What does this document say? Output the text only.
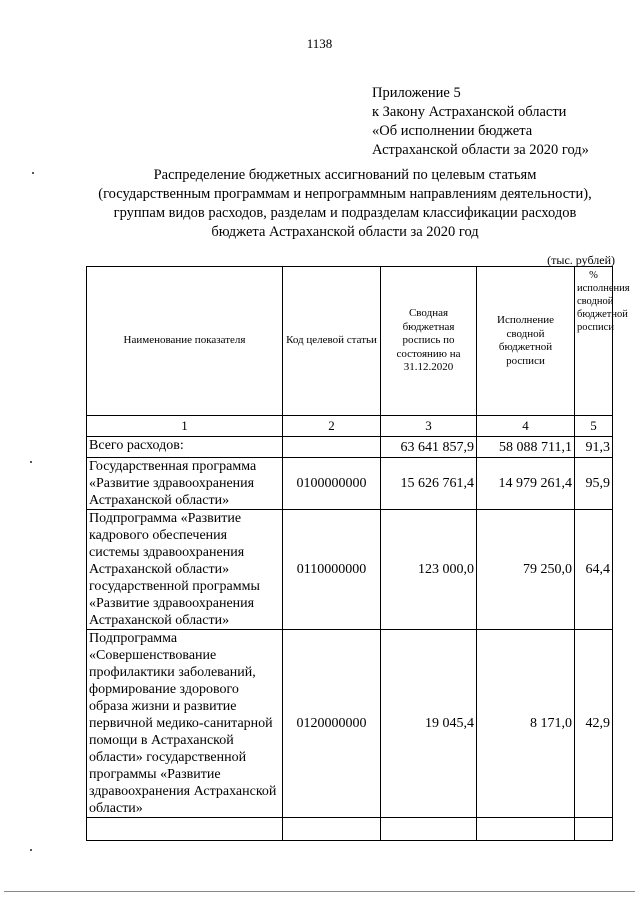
1138
Приложение 5
к Закону Астраханской области
«Об исполнении бюджета
Астраханской области за 2020 год»
Распределение бюджетных ассигнований по целевым статьям
(государственным программам и непрограммным направлениям деятельности),
группам видов расходов, разделам и подразделам классификации расходов
бюджета Астраханской области за 2020 год
(тыс. рублей)
Наименование показателя	Код целевой статьи	Сводная бюджетная роспись по состоянию на 31.12.2020	Исполнение сводной бюджетной росписи	% исполнения сводной бюджетной росписи
1	2	3	4	5
Всего расходов:		63 641 857,9	58 088 711,1	91,3
Государственная программа «Развитие здравоохранения Астраханской области»	0100000000	15 626 761,4	14 979 261,4	95,9
Подпрограмма «Развитие кадрового обеспечения системы здравоохранения Астраханской области» государственной программы «Развитие здравоохранения Астраханской области»	0110000000	123 000,0	79 250,0	64,4
Подпрограмма «Совершенствование профилактики заболеваний, формирование здорового образа жизни и развитие первичной медико-санитарной помощи в Астраханской области» государственной программы «Развитие здравоохранения Астраханской области»	0120000000	19 045,4	8 171,0	42,9
